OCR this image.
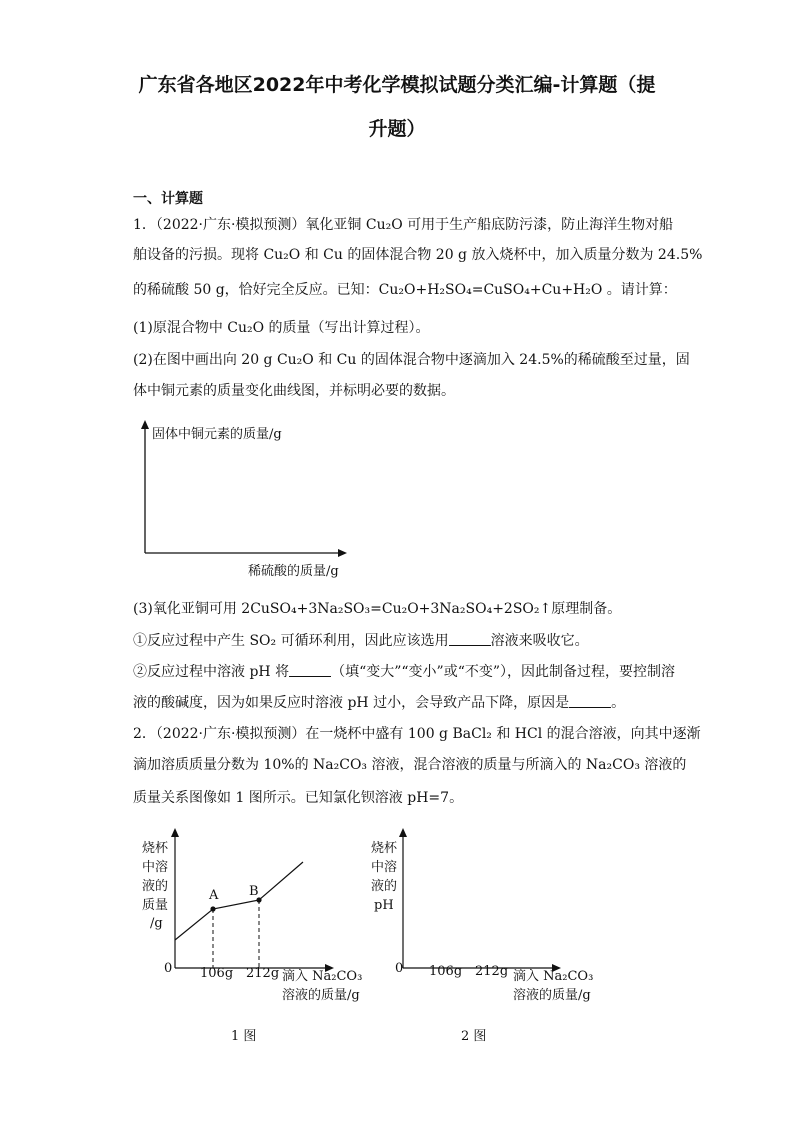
广东省各地区2022年中考化学模拟试题分类汇编-计算题（提
升题）
一、计算题
1．（2022·广东·模拟预测）氧化亚铜 Cu₂O 可用于生产船底防污漆，防止海洋生物对船
舶设备的污损。现将 Cu₂O 和 Cu 的固体混合物 20 g 放入烧杯中，加入质量分数为 24.5%
的稀硫酸 50 g，恰好完全反应。已知：Cu₂O+H₂SO₄=CuSO₄+Cu+H₂O 。请计算：
(1)原混合物中 Cu₂O 的质量（写出计算过程）。
(2)在图中画出向 20 g Cu₂O 和 Cu 的固体混合物中逐滴加入 24.5%的稀硫酸至过量，固
体中铜元素的质量变化曲线图，并标明必要的数据。
固体中铜元素的质量/g
稀硫酸的质量/g
(3)氧化亚铜可用 2CuSO₄+3Na₂SO₃=Cu₂O+3Na₂SO₄+2SO₂↑原理制备。
①反应过程中产生 SO₂ 可循环利用，因此应该选用	溶液来吸收它。
②反应过程中溶液 pH 将	（填“变大”“变小”或“不变”），因此制备过程，要控制溶
液的酸碱度，因为如果反应时溶液 pH 过小，会导致产品下降，原因是	。
2．（2022·广东·模拟预测）在一烧杯中盛有 100 g BaCl₂ 和 HCl 的混合溶液，向其中逐渐
滴加溶质质量分数为 10%的 Na₂CO₃ 溶液，混合溶液的质量与所滴入的 Na₂CO₃ 溶液的
质量关系图像如 1 图所示。已知氯化钡溶液 pH=7。
A B
烧杯
中溶
液的
质量
/g
0 106g 212g 滴入 Na₂CO₃
溶液的质量/g
1 图
烧杯
中溶
液的
pH
0 106g 212g 滴入 Na₂CO₃
溶液的质量/g
2 图
